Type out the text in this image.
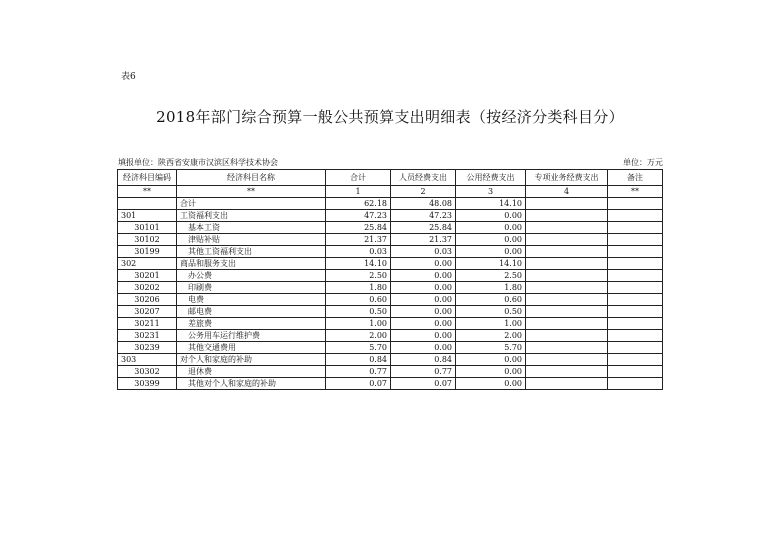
表6
2018年部门综合预算一般公共预算支出明细表（按经济分类科目分）
填报单位：陕西省安康市汉滨区科学技术协会	单位：万元
经济科目编码	经济科目名称	合计	人员经费支出	公用经费支出	专项业务经费支出	备注
**	**	1	2	3	4	**
	合计	62.18	48.08	14.10		
301	工资福利支出	47.23	47.23	0.00		
30101	基本工资	25.84	25.84	0.00		
30102	津贴补贴	21.37	21.37	0.00		
30199	其他工资福利支出	0.03	0.03	0.00		
302	商品和服务支出	14.10	0.00	14.10		
30201	办公费	2.50	0.00	2.50		
30202	印刷费	1.80	0.00	1.80		
30206	电费	0.60	0.00	0.60		
30207	邮电费	0.50	0.00	0.50		
30211	差旅费	1.00	0.00	1.00		
30231	公务用车运行维护费	2.00	0.00	2.00		
30239	其他交通费用	5.70	0.00	5.70		
303	对个人和家庭的补助	0.84	0.84	0.00		
30302	退休费	0.77	0.77	0.00		
30399	其他对个人和家庭的补助	0.07	0.07	0.00		
